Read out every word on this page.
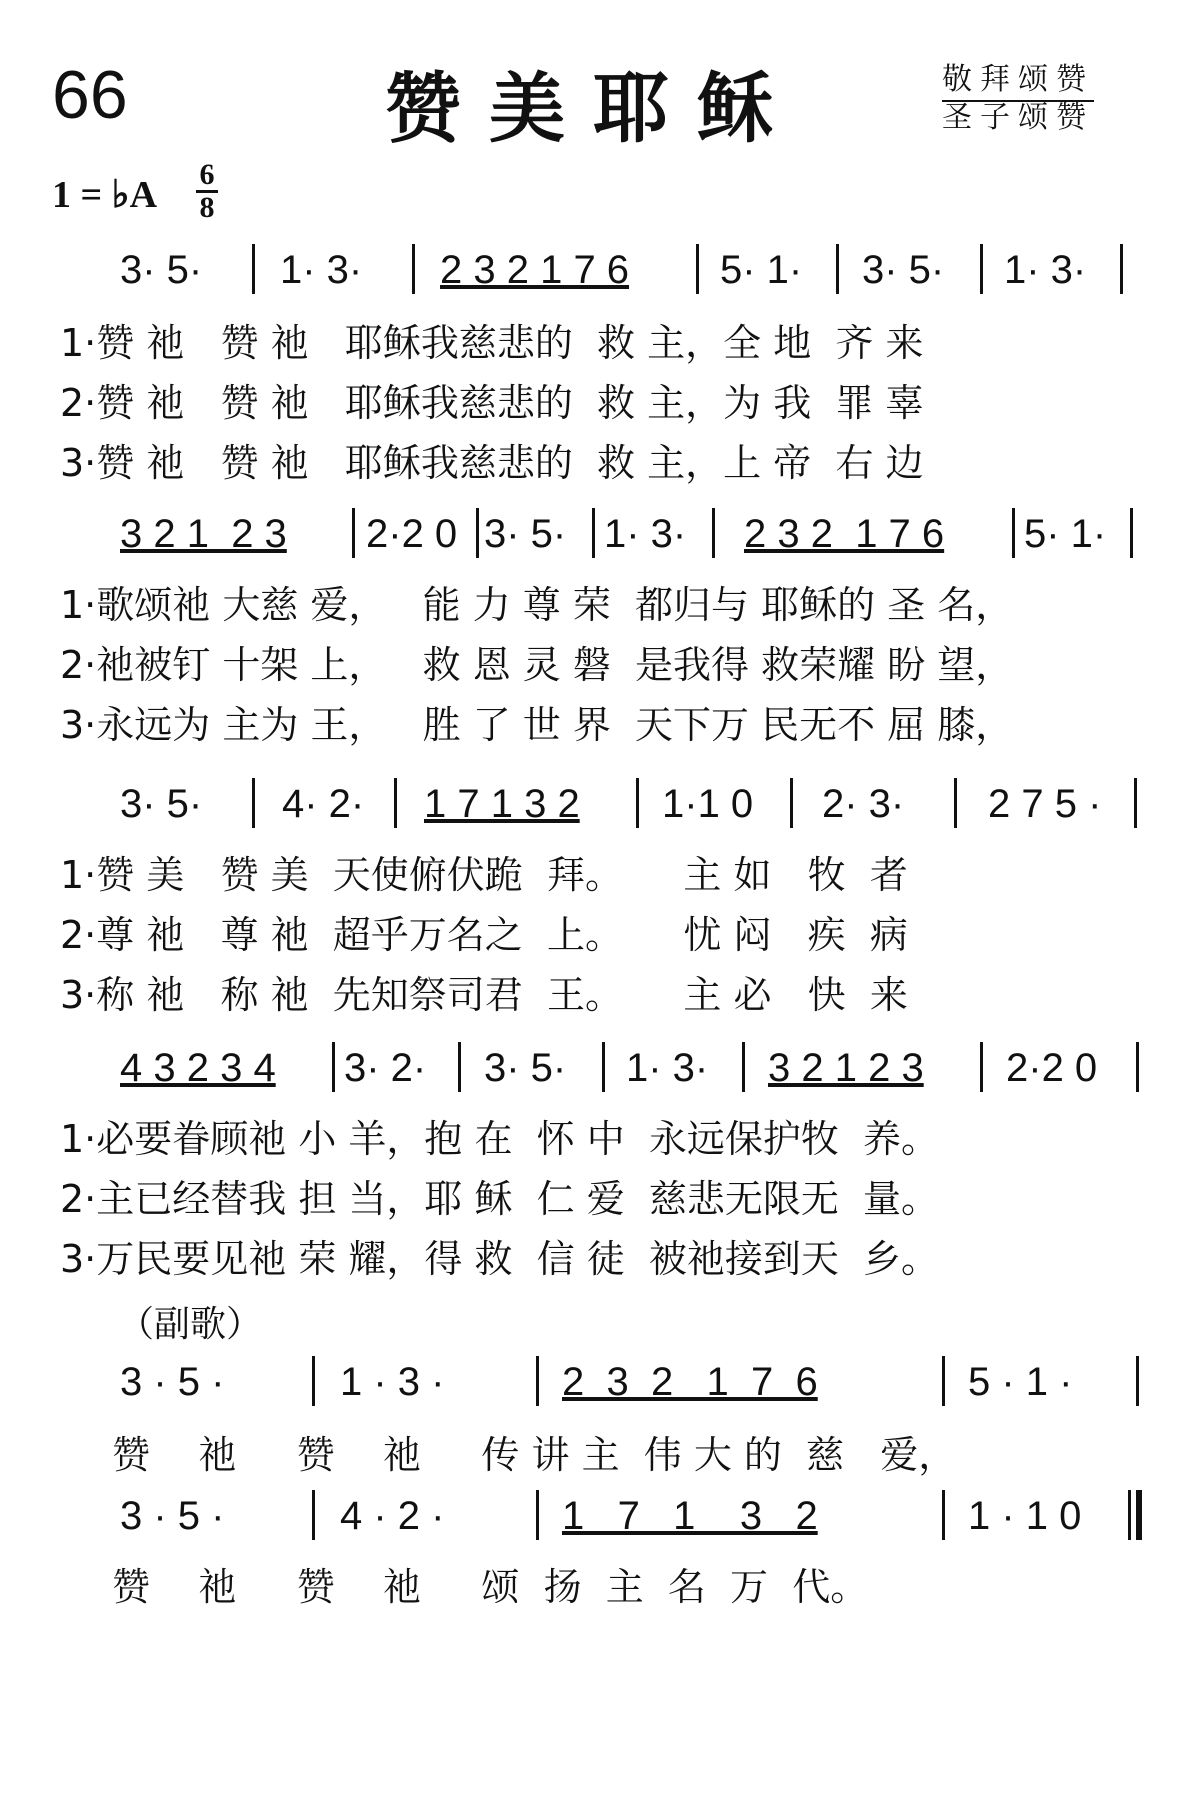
66	赞美耶稣	敬拜颂赞
圣子颂赞
1 = ♭A 6
8
3· 5· 1· 3· 2 3 2 1 7 6 5· 1· 3· 5· 1· 3·
1·赞 祂   赞 祂   耶稣我慈悲的  救 主，全 地  齐 来
2·赞 祂   赞 祂   耶稣我慈悲的  救 主，为 我  罪 辜
3·赞 祂   赞 祂   耶稣我慈悲的  救 主，上 帝  右 边
3 2 1  2 3 2·2 0 3· 5· 1· 3· 2 3 2  1 7 6 5· 1·
1·歌颂祂 大慈 爱，   能 力 尊 荣  都归与 耶稣的 圣 名，
2·祂被钉 十架 上，   救 恩 灵 磐  是我得 救荣耀 盼 望，
3·永远为 主为 王，   胜 了 世 界  天下万 民无不 屈 膝，
3· 5· 4· 2· 1 7 1 3 2 1·1 0 2· 3· 2 7 5 ·
1·赞 美   赞 美  天使俯伏跪  拜。     主 如   牧  者
2·尊 祂   尊 祂  超乎万名之  上。     忧 闷   疾  病
3·称 祂   称 祂  先知祭司君  王。     主 必   快  来
4 3 2 3 4 3· 2· 3· 5· 1· 3· 3 2 1 2 3 2·2 0
1·必要眷顾祂 小 羊，抱 在  怀 中  永远保护牧  养。
2·主已经替我 担 当，耶 稣  仁 爱  慈悲无限无  量。
3·万民要见祂 荣 耀，得 救  信 徒  被祂接到天  乡。
（副歌）
3 · 5 ·	1 · 3 ·	2  3  2   1  7  6	5 · 1 ·
赞    祂     赞    祂     传 讲 主  伟 大 的  慈   爱，
3 · 5 ·	4 · 2 ·	1   7   1    3   2	1 · 1 0
赞    祂     赞    祂     颂  扬  主  名  万  代。
